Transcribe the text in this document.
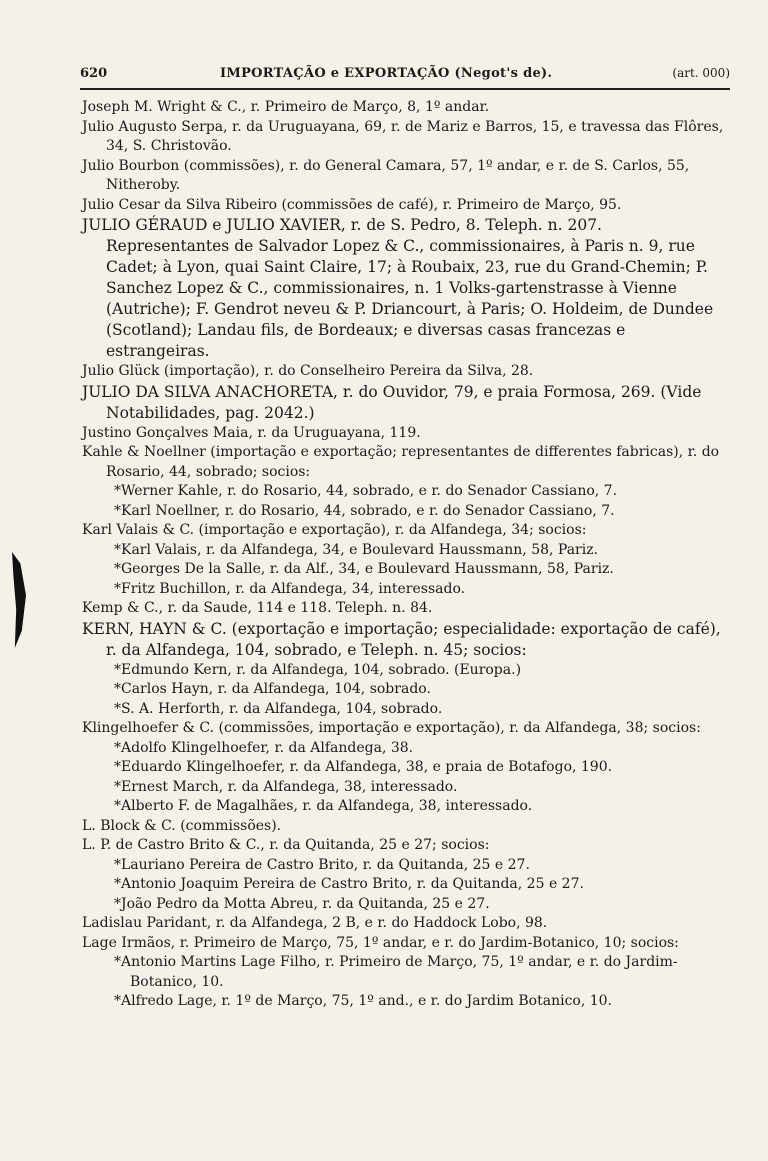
620	IMPORTAÇÃO e EXPORTAÇÃO (Negot's de).	(art. 000)

Joseph M. Wright & C., r. Primeiro de Março, 8, 1º andar.

Julio Augusto Serpa, r. da Uruguayana, 69, r. de Mariz e Barros, 15, e travessa das Flôres, 34, S. Christovão.

Julio Bourbon (commissões), r. do General Camara, 57, 1º andar, e r. de S. Carlos, 55, Nitheroby.

Julio Cesar da Silva Ribeiro (commissões de café), r. Primeiro de Março, 95.

JULIO GÉRAUD e JULIO XAVIER, r. de S. Pedro, 8. Teleph. n. 207. Representantes de Salvador Lopez & C., commissionaires, à Paris n. 9, rue Cadet; à Lyon, quai Saint Claire, 17; à Roubaix, 23, rue du Grand-Chemin; P. Sanchez Lopez & C., commissionaires, n. 1 Volks-gartenstrasse à Vienne (Autriche); F. Gendrot neveu & P. Driancourt, à Paris; O. Holdeim, de Dundee (Scotland); Landau fils, de Bordeaux; e diversas casas francezas e estrangeiras.

Julio Glück (importação), r. do Conselheiro Pereira da Silva, 28.

JULIO DA SILVA ANACHORETA, r. do Ouvidor, 79, e praia Formosa, 269. (Vide Notabilidades, pag. 2042.)

Justino Gonçalves Maia, r. da Uruguayana, 119.

Kahle & Noellner (importação e exportação; representantes de differentes fabricas), r. do Rosario, 44, sobrado; socios:

*Werner Kahle, r. do Rosario, 44, sobrado, e r. do Senador Cassiano, 7.

*Karl Noellner, r. do Rosario, 44, sobrado, e r. do Senador Cassiano, 7.

Karl Valais & C. (importação e exportação), r. da Alfandega, 34; socios:

*Karl Valais, r. da Alfandega, 34, e Boulevard Haussmann, 58, Pariz.

*Georges De la Salle, r. da Alf., 34, e Boulevard Haussmann, 58, Pariz.

*Fritz Buchillon, r. da Alfandega, 34, interessado.

Kemp & C., r. da Saude, 114 e 118. Teleph. n. 84.

KERN, HAYN & C. (exportação e importação; especialidade: exportação de café), r. da Alfandega, 104, sobrado, e Teleph. n. 45; socios:

*Edmundo Kern, r. da Alfandega, 104, sobrado. (Europa.)

*Carlos Hayn, r. da Alfandega, 104, sobrado.

*S. A. Herforth, r. da Alfandega, 104, sobrado.

Klingelhoefer & C. (commissões, importação e exportação), r. da Alfandega, 38; socios:

*Adolfo Klingelhoefer, r. da Alfandega, 38.

*Eduardo Klingelhoefer, r. da Alfandega, 38, e praia de Botafogo, 190.

*Ernest March, r. da Alfandega, 38, interessado.

*Alberto F. de Magalhães, r. da Alfandega, 38, interessado.

L. Block & C. (commissões).

L. P. de Castro Brito & C., r. da Quitanda, 25 e 27; socios:

*Lauriano Pereira de Castro Brito, r. da Quitanda, 25 e 27.

*Antonio Joaquim Pereira de Castro Brito, r. da Quitanda, 25 e 27.

*João Pedro da Motta Abreu, r. da Quitanda, 25 e 27.

Ladislau Paridant, r. da Alfandega, 2 B, e r. do Haddock Lobo, 98.

Lage Irmãos, r. Primeiro de Março, 75, 1º andar, e r. do Jardim-Botanico, 10; socios:

*Antonio Martins Lage Filho, r. Primeiro de Março, 75, 1º andar, e r. do Jardim-Botanico, 10.

*Alfredo Lage, r. 1º de Março, 75, 1º and., e r. do Jardim Botanico, 10.
